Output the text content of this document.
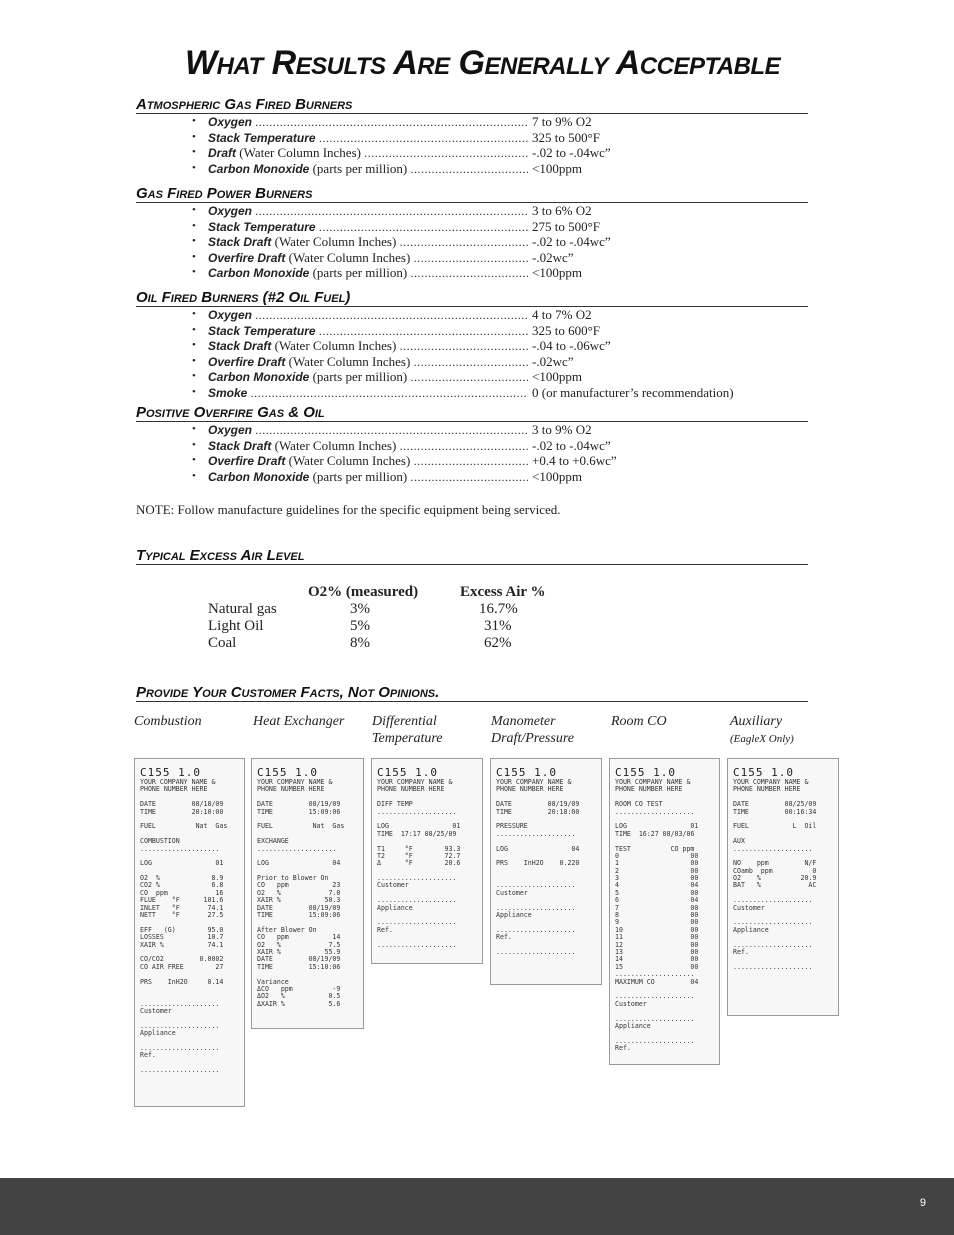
What Results Are Generally Acceptable
Atmospheric Gas Fired Burners
• Oxygen .....	7 to 9% O2
• Stack Temperature .....	325 to 500°F
• Draft (Water Column Inches) .....	-.02 to -.04wc”
• Carbon Monoxide (parts per million) .....	<100ppm
Gas Fired Power Burners
• Oxygen .....	3 to 6% O2
• Stack Temperature .....	275 to 500°F
• Stack Draft (Water Column Inches) .....	-.02 to -.04wc”
• Overfire Draft (Water Column Inches) .....	-.02wc”
• Carbon Monoxide (parts per million) .....	<100ppm
Oil Fired Burners (#2 Oil Fuel)
• Oxygen .....	4 to 7% O2
• Stack Temperature .....	325 to 600°F
• Stack Draft (Water Column Inches) .....	-.04 to -.06wc”
• Overfire Draft (Water Column Inches) .....	-.02wc”
• Carbon Monoxide (parts per million) .....	<100ppm
• Smoke .....	0 (or manufacturer’s recommendation)
Positive Overfire Gas & Oil
• Oxygen .....	3 to 9% O2
• Stack Draft (Water Column Inches) .....	-.02 to -.04wc”
• Overfire Draft (Water Column Inches) .....	+0.4 to +0.6wc”
• Carbon Monoxide (parts per million) .....	<100ppm
NOTE: Follow manufacture guidelines for the specific equipment being serviced.
Typical Excess Air Level
O2% (measured)	Excess Air %
Natural gas	3%	16.7%
Light Oil	5%	31%
Coal	8%	62%
Provide Your Customer Facts, Not Opinions.
Combustion	Heat Exchanger Differential Temperature
Manometer Draft/Pressure
Room CO	Auxiliary
(EagleX Only)
C155 1.0
YOUR COMPANY NAME &
PHONE NUMBER HERE
DATE         08/18/09
TIME         20:10:00
FUEL          Nat  Gas
COMBUSTION
....................
LOG                01
O2  %             8.9
CO2 %             6.8
CO  ppm            16
FLUE    °F      101.6
INLET   °F       74.1
NETT    °F       27.5
EFF   (G)        95.0
LOSSES           10.7
XAIR %           74.1
CO/CO2         0.0002
CO AIR FREE        27
PRS    InH2O     0.14
....................
Customer
....................
Appliance
....................
Ref.
....................
C155 1.0
YOUR COMPANY NAME &
PHONE NUMBER HERE
DATE         08/19/09
TIME         15:09:06
FUEL          Nat  Gas
EXCHANGE
....................
LOG                04
Prior to Blower On
CO   ppm           23
O2   %            7.0
XAIR %           50.3
DATE         08/19/09
TIME         15:09:06
After Blower On
CO   ppm           14
O2   %            7.5
XAIR %           55.9
DATE         08/19/09
TIME         15:10:06
Variance
ΔCO   ppm          -9
ΔO2   %           0.5
ΔXAIR %           5.6
C155 1.0
YOUR COMPANY NAME &
PHONE NUMBER HERE
DIFF TEMP
....................
LOG                01
TIME  17:17 08/25/09
T1     °F        93.3
T2     °F        72.7
Δ      °F        20.6
....................
Customer
....................
Appliance
....................
Ref.
....................
C155 1.0
YOUR COMPANY NAME &
PHONE NUMBER HERE
DATE         08/19/09
TIME         20:18:00
PRESSURE
....................
LOG                04
PRS    InH2O    0.220
....................
Customer
....................
Appliance
....................
Ref.
....................
C155 1.0
YOUR COMPANY NAME &
PHONE NUMBER HERE
ROOM CO TEST
....................
LOG                01
TIME  16:27 08/03/06
TEST          CO ppm
0                  00
1                  00
2                  00
3                  00
4                  04
5                  00
6                  04
7                  00
8                  00
9                  00
10                 00
11                 00
12                 00
13                 00
14                 00
15                 00
....................
MAXIMUM CO         04
....................
Customer
....................
Appliance
....................
Ref.
....................
C155 1.0
YOUR COMPANY NAME &
PHONE NUMBER HERE
DATE         08/25/09
TIME         00:16:34
FUEL           L  Oil
AUX
....................
NO    ppm         N/F
COamb  ppm          0
O2    %          20.9
BAT   %            AC
....................
Customer
....................
Appliance
....................
Ref.
....................
9
